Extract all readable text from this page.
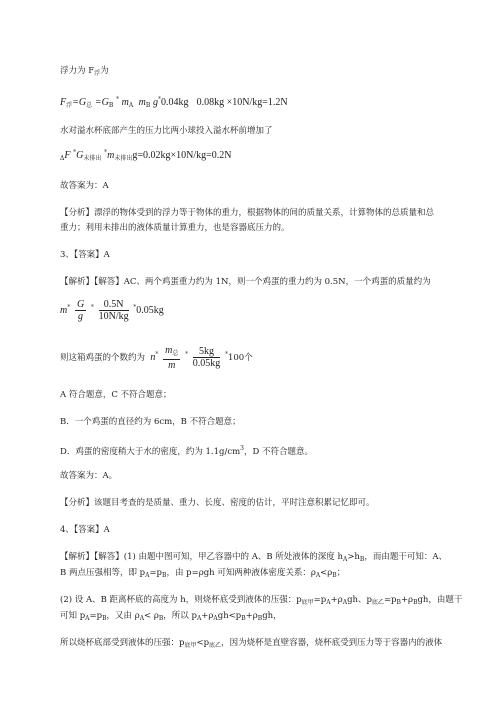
浮力为 $F_浮$为
$F_浮=G_总 =G_B$ * $m_A$ $m_B$ g*0.04kg 0.08kg ×10N/kg=1.2N
水对溢水杯底部产生的压力比两小球投入溢水杯前增加了
$_\Delta$F $^*G_{未排出}$ $^*m_{未排出}g=0.02kg\times 10N/kg=0.2N$
故答案为：A
【分析】漂浮的物体受到的浮力等于物体的重力，根据物体的间的质量关系，计算物体的总质量和总
重力；利用未排出的液体质量计算重力，也是容器底压力的。
3、【答案】A
【解析】【解答】AC、两个鸡蛋重力约为 1N，则一个鸡蛋的重力约为 0.5N，一个鸡蛋的质量约为
$m^* \frac{G}{g} ^* \frac{0.5N}{10N/kg} ^*0.05kg$
则这箱鸡蛋的个数约为 $n^* \frac{m_总}{m} ^* \frac{5kg}{0.05kg} ^*100$个
A 符合题意，C 不符合题意；
B．一个鸡蛋的直径约为 6cm，B 不符合题意；
D．鸡蛋的密度稍大于水的密度，约为 $1.1g/cm^3$，D 不符合题意。
故答案为：A。
【分析】该题目考查的是质量、重力、长度、密度的估计，平时注意积累记忆即可。
4、【答案】A
【解析】【解答】(1) 由题中图可知，甲乙容器中的 A、B 所处液体的深度 $h_A>h_B$，而由题干可知：A、
B 两点压强相等，即 $p_A=p_B$，由 p=ρgh 可知两种液体密度关系：$\rho_A<\rho_B$；
(2) 设 A、B 距离杯底的高度为 h，则烧杯底受到液体的压强：$p_{底甲}=p_A+\rho_Agh$、$p_{底乙}=p_B+\rho_Bgh$，由题干
可知 $p_A=p_B$，又由 $\rho_A< \rho_B$，所以 $p_A+\rho_Agh<p_B+\rho_Bgh$，
所以烧杯底部受到液体的压强：$p_{底甲}<p_{底乙}$，因为烧杯是直壁容器，烧杯底受到压力等于容器内的液体
